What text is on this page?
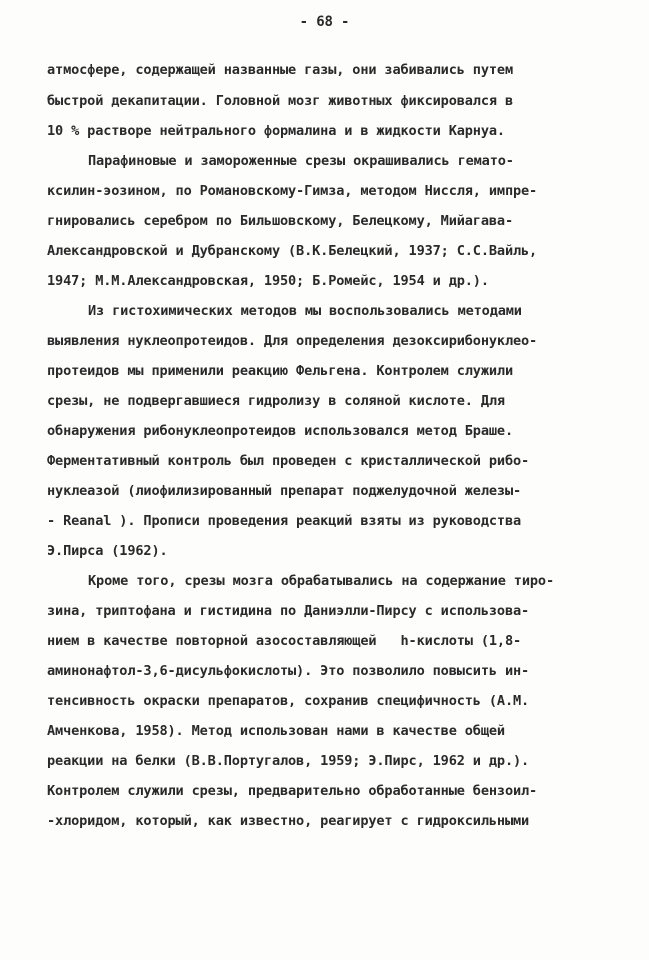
- 68 -
атмосфере, содержащей названные газы, они забивались путем
быстрой декапитации. Головной мозг животных фиксировался в
10 % растворе нейтрального формалина и в жидкости Карнуа.
Парафиновые и замороженные срезы окрашивались гемато-
ксилин-эозином, по Романовскому-Гимза, методом Ниссля, импре-
гнировались серебром по Бильшовскому, Белецкому, Мийагава-
Александровской и Дубранскому (В.К.Белецкий, 1937; С.С.Вайль,
1947; М.М.Александровская, 1950; Б.Ромейс, 1954 и др.).
Из гистохимических методов мы воспользовались методами
выявления нуклеопротеидов. Для определения дезоксирибонуклео-
протеидов мы применили реакцию Фельгена. Контролем служили
срезы, не подвергавшиеся гидролизу в соляной кислоте. Для
обнаружения рибонуклеопротеидов использовался метод Браше.
Ферментативный контроль был проведен с кристаллической рибо-
нуклеазой (лиофилизированный препарат поджелудочной железы-
- Reanal ). Прописи проведения реакций взяты из руководства
Э.Пирса (1962).
Кроме того, срезы мозга обрабатывались на содержание тиро-
зина, триптофана и гистидина по Даниэлли-Пирсу с использова-
нием в качестве повторной азосоставляющей   h-кислоты (1,8-
аминонафтол-3,6-дисульфокислоты). Это позволило повысить ин-
тенсивность окраски препаратов, сохранив специфичность (А.М.
Амченкова, 1958). Метод использован нами в качестве общей
реакции на белки (В.В.Португалов, 1959; Э.Пирс, 1962 и др.).
Контролем служили срезы, предварительно обработанные бензоил-
-хлоридом, который, как известно, реагирует с гидроксильными
